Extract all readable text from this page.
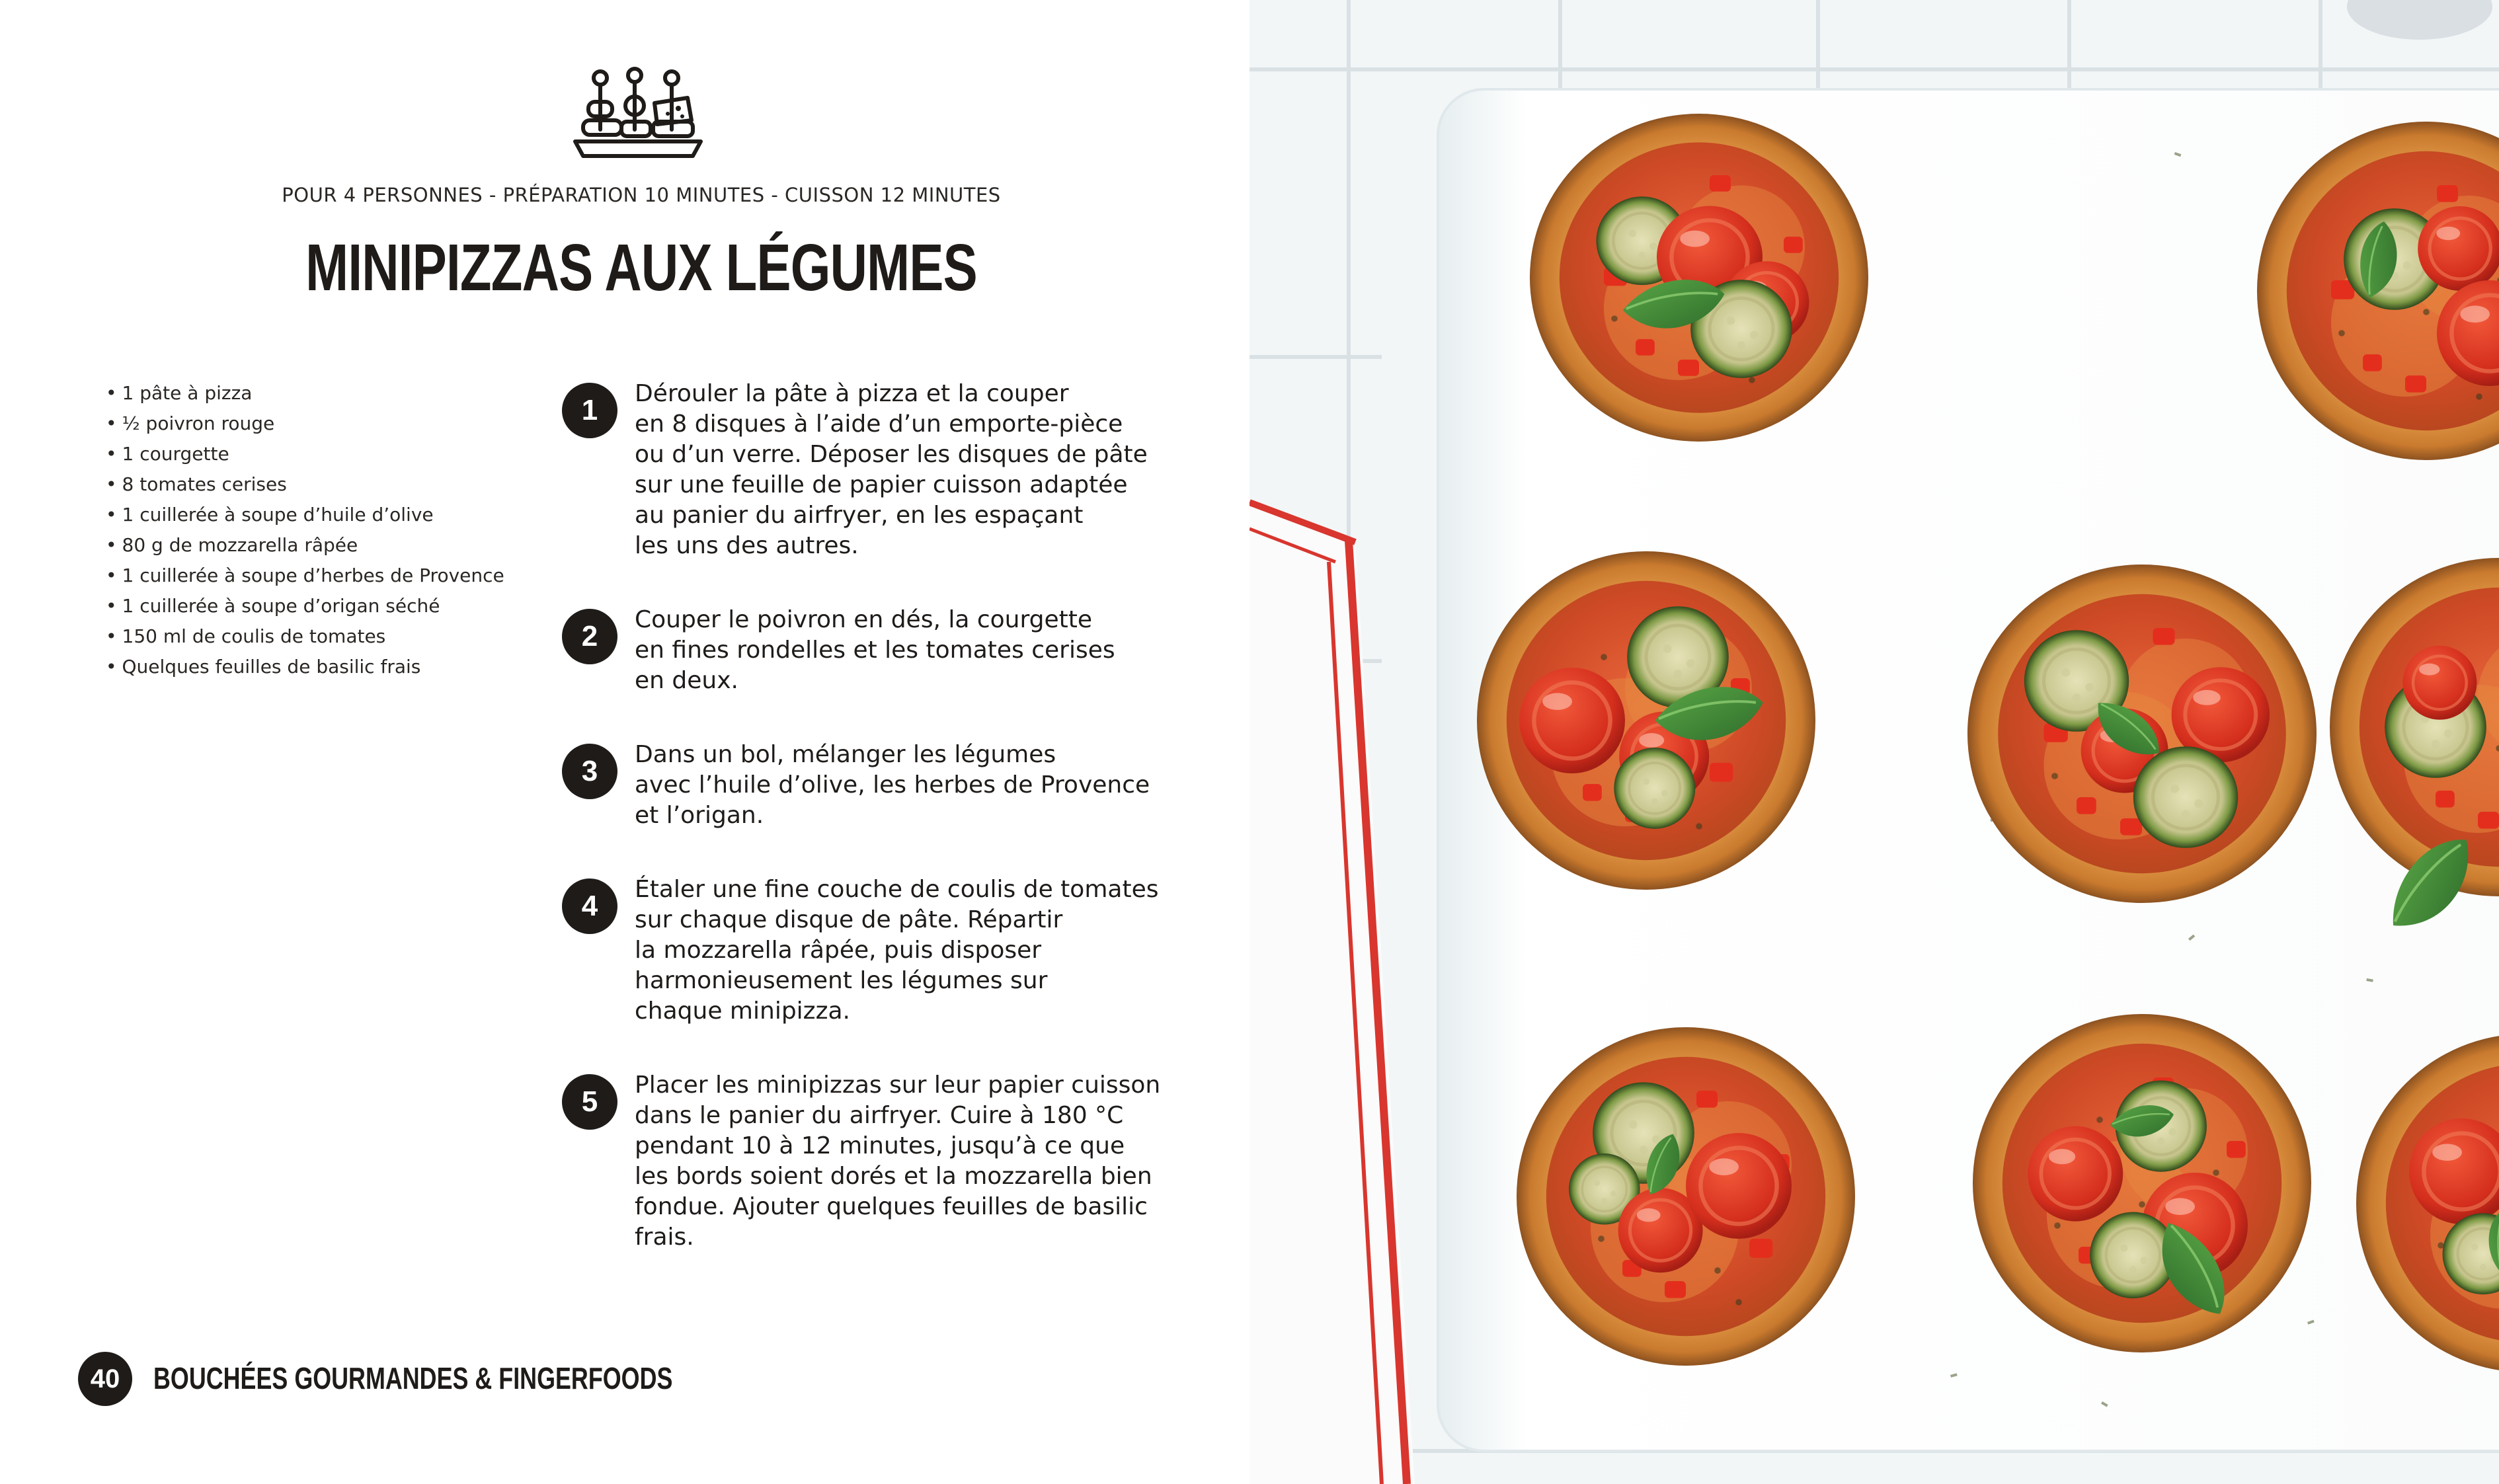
POUR 4 PERSONNES - PRÉPARATION 10 MINUTES - CUISSON 12 MINUTES
MINIPIZZAS AUX LÉGUMES
• 1 pâte à pizza
• ½ poivron rouge
• 1 courgette
• 8 tomates cerises
• 1 cuillerée à soupe d’huile d’olive
• 80 g de mozzarella râpée
• 1 cuillerée à soupe d’herbes de Provence
• 1 cuillerée à soupe d’origan séché
• 150 ml de coulis de tomates
• Quelques feuilles de basilic frais
1
Dérouler la pâte à pizza et la couper
en 8 disques à l’aide d’un emporte-pièce
ou d’un verre. Déposer les disques de pâte
sur une feuille de papier cuisson adaptée
au panier du airfryer, en les espaçant
les uns des autres.
2
Couper le poivron en dés, la courgette
en fines rondelles et les tomates cerises
en deux.
3
Dans un bol, mélanger les légumes
avec l’huile d’olive, les herbes de Provence
et l’origan.
4
Étaler une fine couche de coulis de tomates
sur chaque disque de pâte. Répartir
la mozzarella râpée, puis disposer
harmonieusement les légumes sur
chaque minipizza.
5
Placer les minipizzas sur leur papier cuisson
dans le panier du airfryer. Cuire à 180 °C
pendant 10 à 12 minutes, jusqu’à ce que
les bords soient dorés et la mozzarella bien
fondue. Ajouter quelques feuilles de basilic
frais.
40	BOUCHÉES GOURMANDES & FINGERFOODS
